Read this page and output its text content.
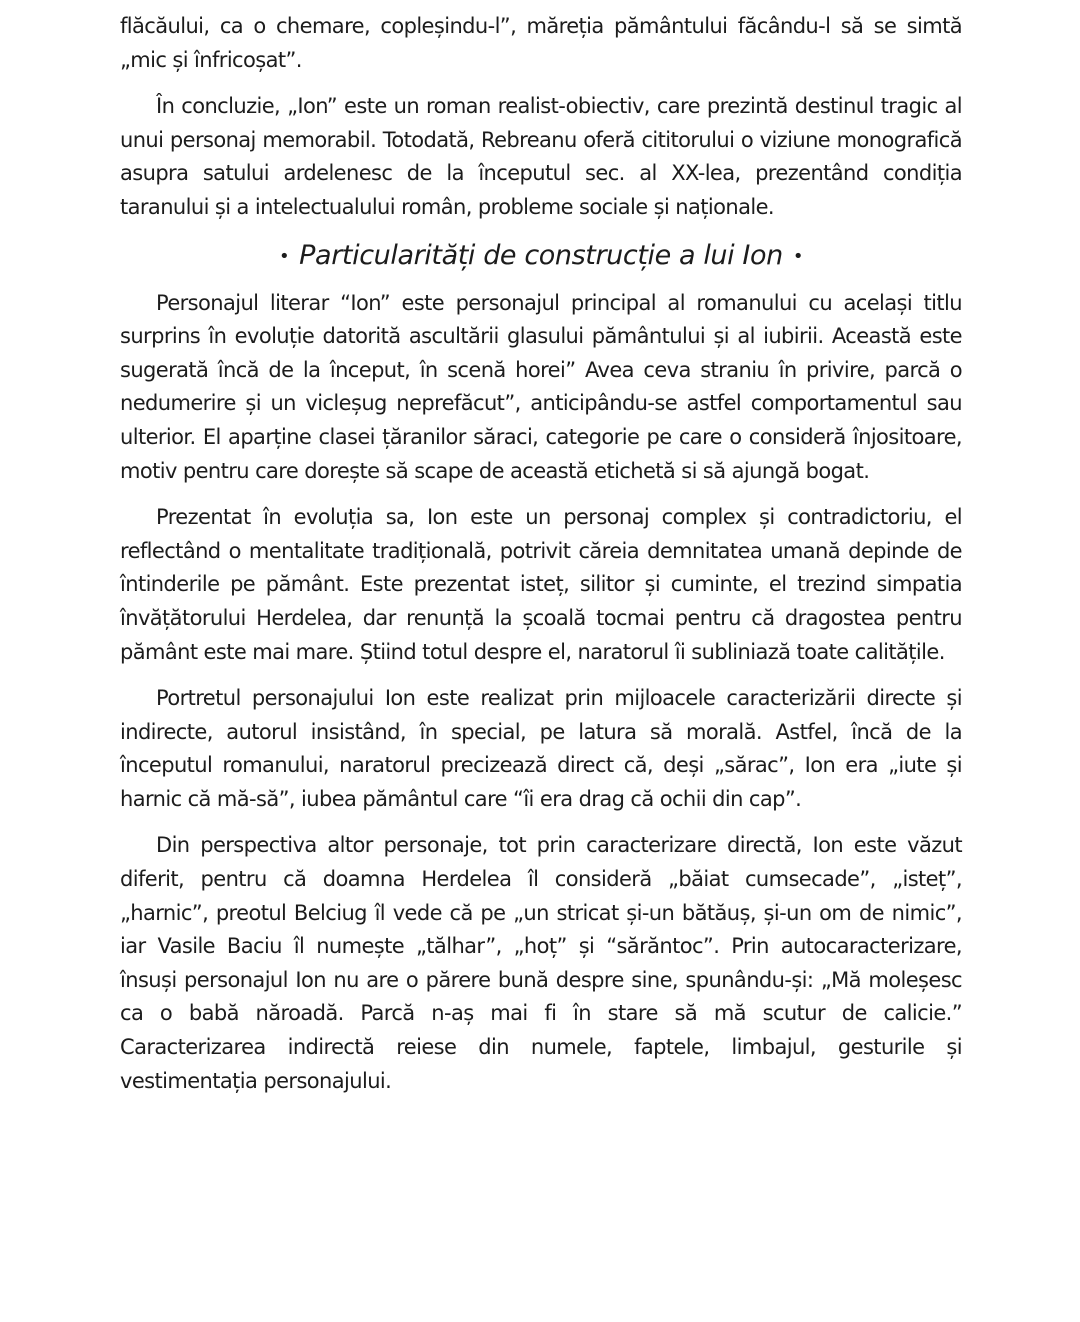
flăcăului, ca o chemare, copleșindu-l”, măreția pământului făcându-l să se simtă „mic și înfricoșat”.

În concluzie, „Ion” este un roman realist-obiectiv, care prezintă destinul tragic al unui personaj memorabil. Totodată, Rebreanu oferă cititorului o viziune monografică asupra satului ardelenesc de la începutul sec. al XX-lea, prezentând condiția taranului și a intelectualului român, probleme sociale și naționale.

• Particularități de construcție a lui Ion •

Personajul literar “Ion” este personajul principal al romanului cu același titlu surprins în evoluție datorită ascultării glasului pământului și al iubirii. Această este sugerată încă de la început, în scenă horei” Avea ceva straniu în privire, parcă o nedumerire și un vicleșug neprefăcut”, anticipându-se astfel comportamentul sau ulterior. El aparține clasei țăranilor săraci, categorie pe care o consideră înjositoare, motiv pentru care dorește să scape de această etichetă si să ajungă bogat.

Prezentat în evoluția sa, Ion este un personaj complex și contradictoriu, el reflectând o mentalitate tradițională, potrivit căreia demnitatea umană depinde de întinderile pe pământ. Este prezentat isteț, silitor și cuminte, el trezind simpatia învățătorului Herdelea, dar renunță la școală tocmai pentru că dragostea pentru pământ este mai mare. Știind totul despre el, naratorul îi subliniază toate calitățile.

Portretul personajului Ion este realizat prin mijloacele caracterizării directe și indirecte, autorul insistând, în special, pe latura să morală. Astfel, încă de la începutul romanului, naratorul precizează direct că, deși „sărac”, Ion era „iute și harnic că mă-să”, iubea pământul care “îi era drag că ochii din cap”.

Din perspectiva altor personaje, tot prin caracterizare directă, Ion este văzut diferit, pentru că doamna Herdelea îl consideră „băiat cumsecade”, „isteț”, „harnic”, preotul Belciug îl vede că pe „un stricat și-un bătăuș, și-un om de nimic”, iar Vasile Baciu îl numește „tălhar”, „hoț” și “sărăntoc”. Prin autocaracterizare, însuși personajul Ion nu are o părere bună despre sine, spunându-și: „Mă moleșesc ca o babă năroadă. Parcă n-aș mai fi în stare să mă scutur de calicie.” Caracterizarea indirectă reiese din numele, faptele, limbajul, gesturile și vestimentația personajului.
